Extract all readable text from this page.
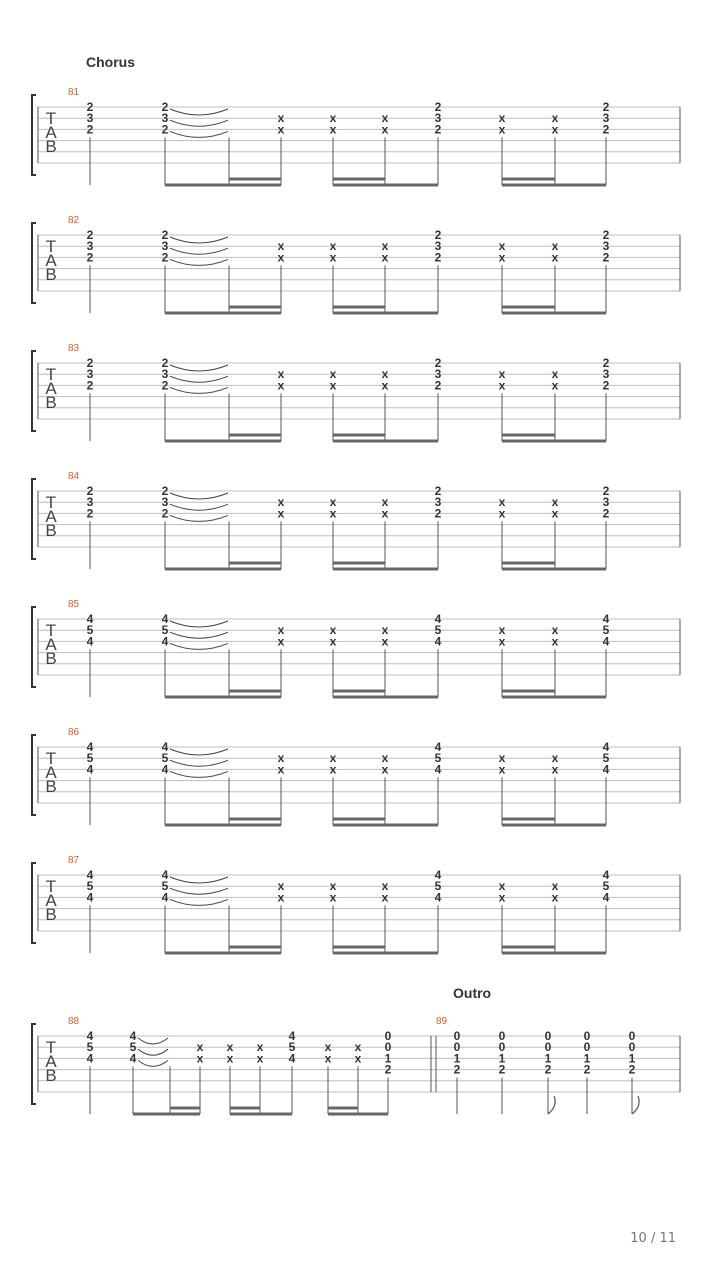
T
A
B
81
2
3
2
2
3
2
x
x
x
x
x
x
x
x
x
x
2
3
2
2
3
2
T
A
B
82
2
3
2
2
3
2
x
x
x
x
x
x
x
x
x
x
2
3
2
2
3
2
T
A
B
83
2
3
2
2
3
2
x
x
x
x
x
x
x
x
x
x
2
3
2
2
3
2
T
A
B
84
2
3
2
2
3
2
x
x
x
x
x
x
x
x
x
x
2
3
2
2
3
2
T
A
B
85
4
5
4
4
5
4
x
x
x
x
x
x
x
x
x
x
4
5
4
4
5
4
T
A
B
86
4
5
4
4
5
4
x
x
x
x
x
x
x
x
x
x
4
5
4
4
5
4
T
A
B
87
4
5
4
4
5
4
x
x
x
x
x
x
x
x
x
x
4
5
4
4
5
4
T
A
B
88
4
5
4
4
5
4
x
x
x
x
x
x
x
x
x
x
4
5
4
0
0
1
2
89
0
0
1
2
0
0
1
2
0
0
1
2
0
0
1
2
0
0
1
2
Chorus
Outro
10 / 11
